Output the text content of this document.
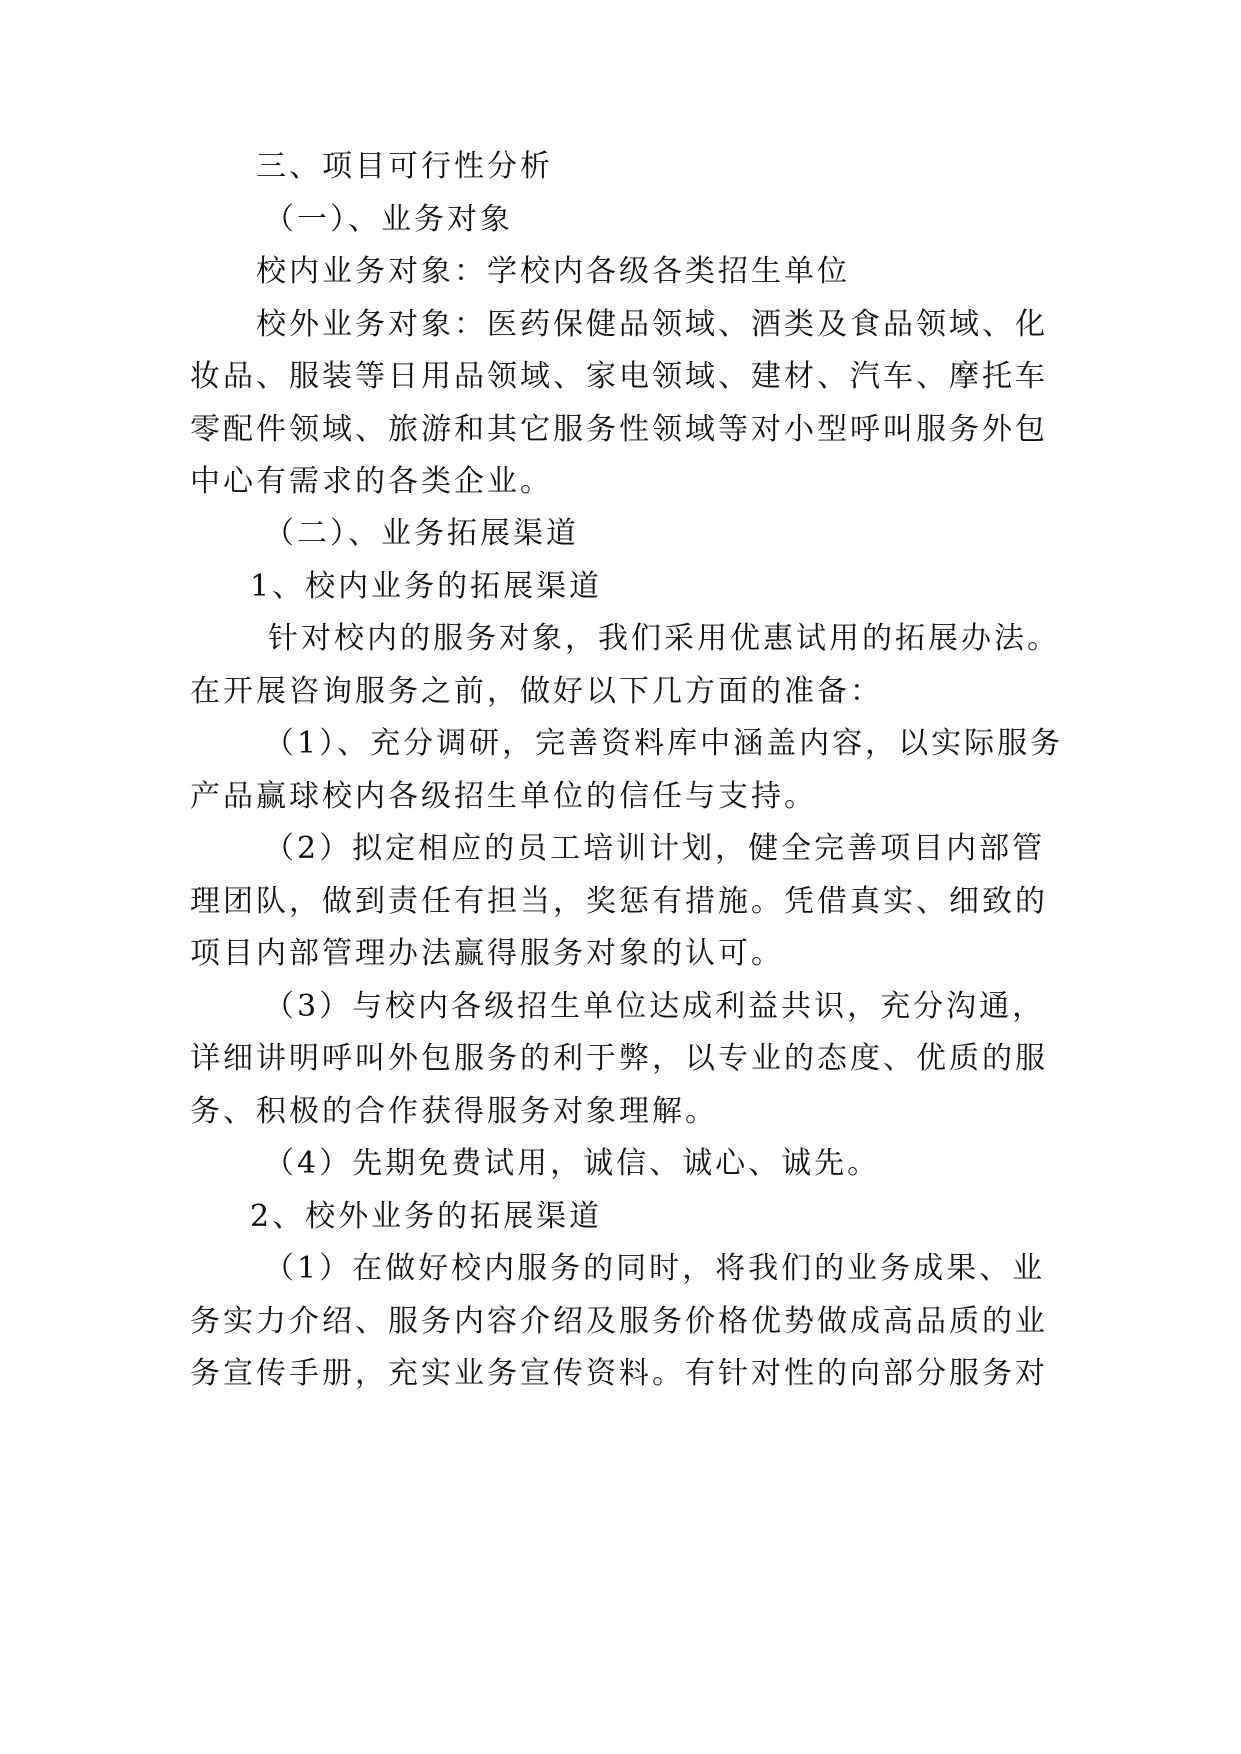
三、项目可行性分析
（一）、业务对象
校内业务对象：学校内各级各类招生单位
校外业务对象：医药保健品领域、酒类及食品领域、化
妆品、服装等日用品领域、家电领域、建材、汽车、摩托车
零配件领域、旅游和其它服务性领域等对小型呼叫服务外包
中心有需求的各类企业。
（二）、业务拓展渠道
1、校内业务的拓展渠道
针对校内的服务对象，我们采用优惠试用的拓展办法。
在开展咨询服务之前，做好以下几方面的准备：
（1）、充分调研，完善资料库中涵盖内容，以实际服务
产品赢球校内各级招生单位的信任与支持。
（2）拟定相应的员工培训计划，健全完善项目内部管
理团队，做到责任有担当，奖惩有措施。凭借真实、细致的
项目内部管理办法赢得服务对象的认可。
（3）与校内各级招生单位达成利益共识，充分沟通，
详细讲明呼叫外包服务的利于弊，以专业的态度、优质的服
务、积极的合作获得服务对象理解。
（4）先期免费试用，诚信、诚心、诚先。
2、校外业务的拓展渠道
（1）在做好校内服务的同时，将我们的业务成果、业
务实力介绍、服务内容介绍及服务价格优势做成高品质的业
务宣传手册，充实业务宣传资料。有针对性的向部分服务对
